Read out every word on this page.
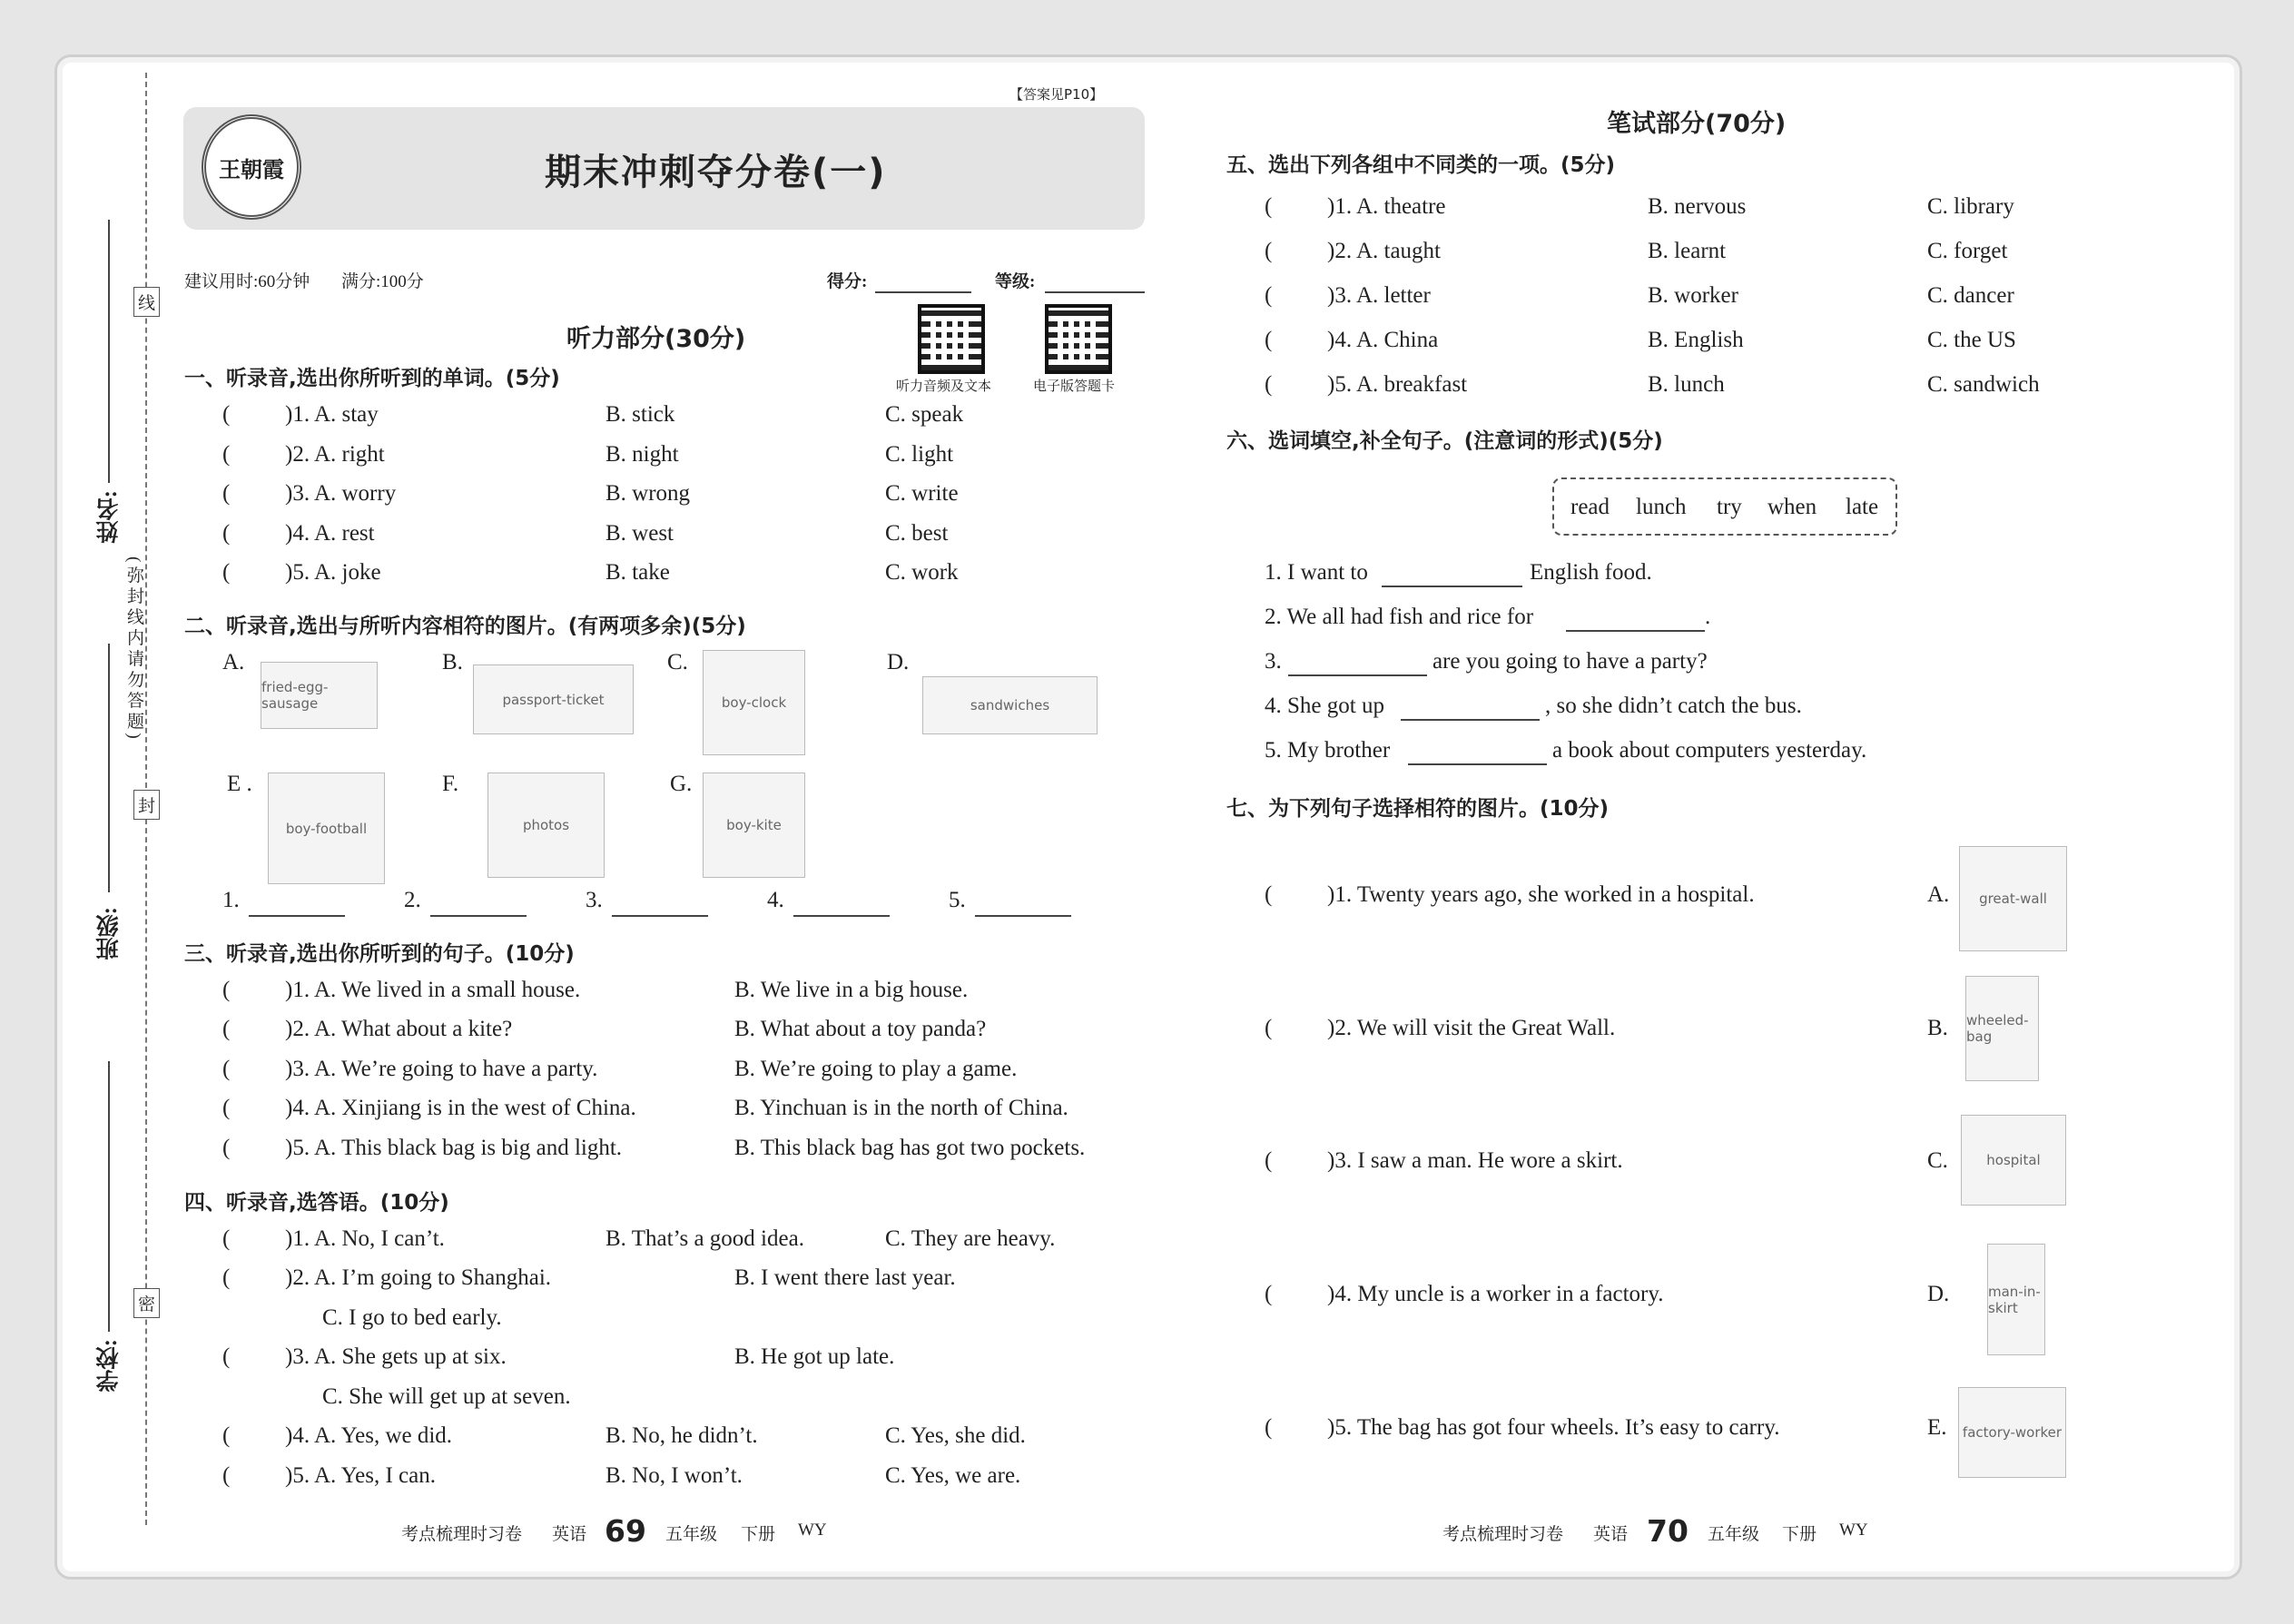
姓名:
班级:
学校:
线
封
密
(弥封线内请勿答题)
王朝霞
【答案见P10】
期末冲刺夺分卷(一)
建议用时:60分钟 满分:100分	得分:	等级:
听力音频及文本	电子版答题卡
听力部分(30分)
一、听录音,选出你所听到的单词。(5分)
( )1. A. stay	B. stick	C. speak
( )2. A. right	B. night	C. light
( )3. A. worry	B. wrong	C. write
( )4. A. rest	B. west	C. best
( )5. A. joke	B. take	C. work
二、听录音,选出与所听内容相符的图片。(有两项多余)(5分)
A.
fried-egg-sausage
B.
passport-ticket
C.
boy-clock
D.
sandwiches
E .
boy-football
F.
photos
G.
boy-kite
1.	2.	3.	4.	5.
三、听录音,选出你所听到的句子。(10分)
( )1. A. We lived in a small house.	B. We live in a big house.
( )2. A. What about a kite?	B. What about a toy panda?
( )3. A. We’re going to have a party.	B. We’re going to play a game.
( )4. A. Xinjiang is in the west of China.	B. Yinchuan is in the north of China.
( )5. A. This black bag is big and light.	B. This black bag has got two pockets.
四、听录音,选答语。(10分)
( )1. A. No, I can’t.	B. That’s a good idea.	C. They are heavy.
( )2. A. I’m going to Shanghai.	B. I went there last year.
C. I go to bed early.
( )3. A. She gets up at six.	B. He got up late.
C. She will get up at seven.
( )4. A. Yes, we did.	B. No, he didn’t.	C. Yes, she did.
( )5. A. Yes, I can.	B. No, I won’t.	C. Yes, we are.
考点梳理时习卷 英语 69 五年级 下册 WY
笔试部分(70分)
五、选出下列各组中不同类的一项。(5分)
( )1. A. theatre	B. nervous	C. library
( )2. A. taught	B. learnt	C. forget
( )3. A. letter	B. worker	C. dancer
( )4. A. China	B. English	C. the US
( )5. A. breakfast	B. lunch	C. sandwich
六、选词填空,补全句子。(注意词的形式)(5分)
read lunch try when late
1. I want to	English food.
2. We all had fish and rice for	.
3.	are you going to have a party?
4. She got up	, so she didn’t catch the bus.
5. My brother	a book about computers yesterday.
七、为下列句子选择相符的图片。(10分)
( )1. Twenty years ago, she worked in a hospital.	A.	great-wall
( )2. We will visit the Great Wall.	B. wheeled-bag
( )3. I saw a man. He wore a skirt.	C.	hospital
( )4. My uncle is a worker in a factory.	D.	man-in-skirt
( )5. The bag has got four wheels. It’s easy to carry.	E.	factory-worker
考点梳理时习卷 英语 70 五年级 下册 WY
